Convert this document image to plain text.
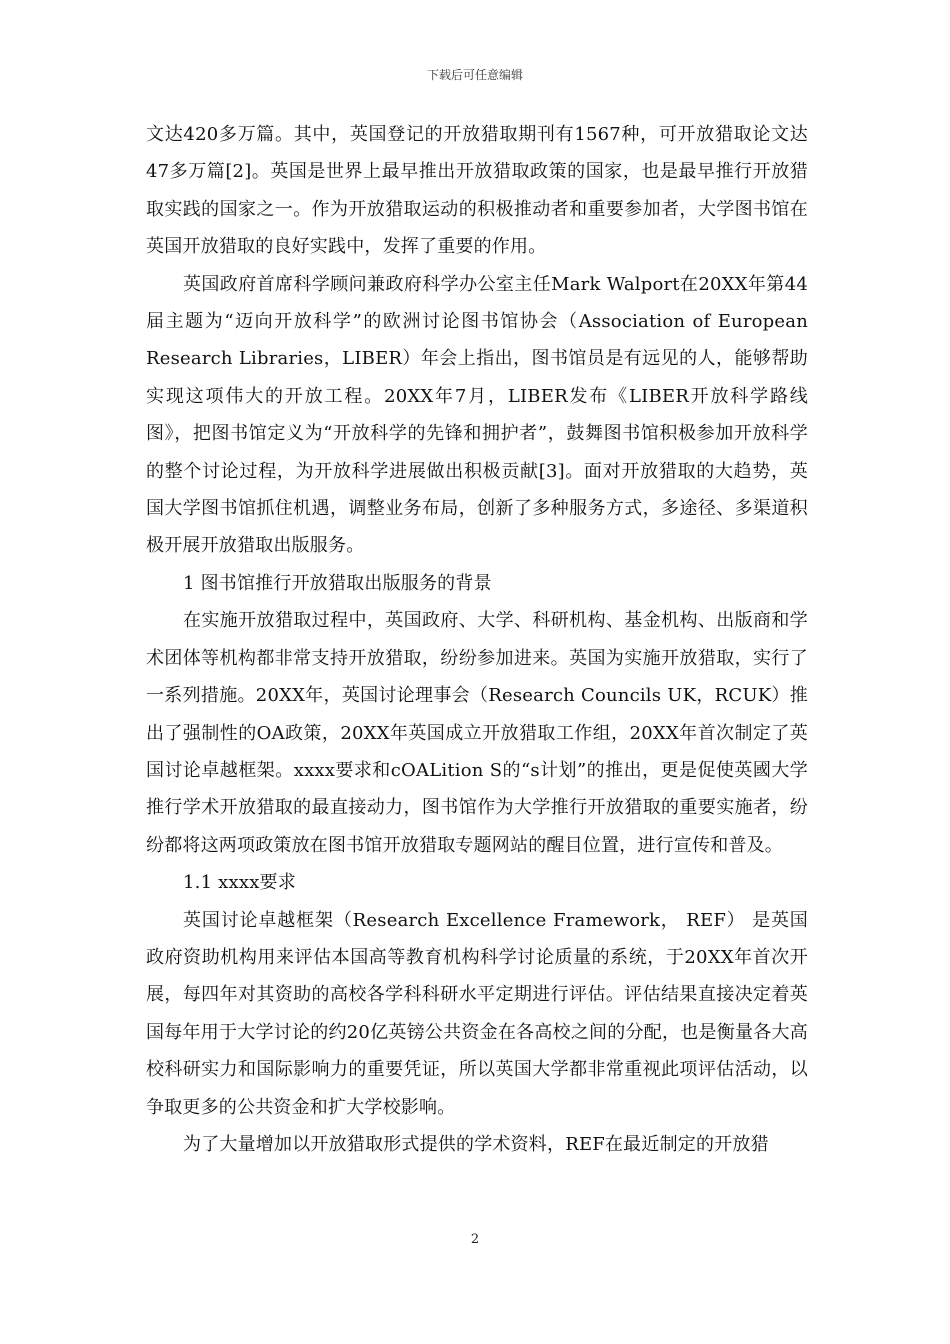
下载后可任意编辑

文达420多万篇。其中，英国登记的开放猎取期刊有1567种，可开放猎取论文达47多万篇[2]。英国是世界上最早推出开放猎取政策的国家，也是最早推行开放猎取实践的国家之一。作为开放猎取运动的积极推动者和重要参加者，大学图书馆在英国开放猎取的良好实践中，发挥了重要的作用。

英国政府首席科学顾问兼政府科学办公室主任Mark Walport在20XX年第44届主题为“迈向开放科学”的欧洲讨论图书馆协会（Association of European Research Libraries，LIBER）年会上指出，图书馆员是有远见的人，能够帮助实现这项伟大的开放工程。20XX年7月，LIBER发布《LIBER开放科学路线图》，把图书馆定义为“开放科学的先锋和拥护者”，鼓舞图书馆积极参加开放科学的整个讨论过程，为开放科学进展做出积极贡献[3]。面对开放猎取的大趋势，英国大学图书馆抓住机遇，调整业务布局，创新了多种服务方式，多途径、多渠道积极开展开放猎取出版服务。

1 图书馆推行开放猎取出版服务的背景

在实施开放猎取过程中，英国政府、大学、科研机构、基金机构、出版商和学术团体等机构都非常支持开放猎取，纷纷参加进来。英国为实施开放猎取，实行了一系列措施。20XX年，英国讨论理事会（Research Councils UK，RCUK）推出了强制性的OA政策，20XX年英国成立开放猎取工作组，20XX年首次制定了英国讨论卓越框架。xxxx要求和cOALition S的“s计划”的推出，更是促使英國大学推行学术开放猎取的最直接动力，图书馆作为大学推行开放猎取的重要实施者，纷纷都将这两项政策放在图书馆开放猎取专题网站的醒目位置，进行宣传和普及。

1.1 xxxx要求

英国讨论卓越框架（Research Excellence Framework， REF） 是英国政府资助机构用来评估本国高等教育机构科学讨论质量的系统，于20XX年首次开展，每四年对其资助的高校各学科科研水平定期进行评估。评估结果直接决定着英国每年用于大学讨论的约20亿英镑公共资金在各高校之间的分配，也是衡量各大高校科研实力和国际影响力的重要凭证，所以英国大学都非常重视此项评估活动，以争取更多的公共资金和扩大学校影响。

为了大量增加以开放猎取形式提供的学术资料，REF在最近制定的开放猎

2
